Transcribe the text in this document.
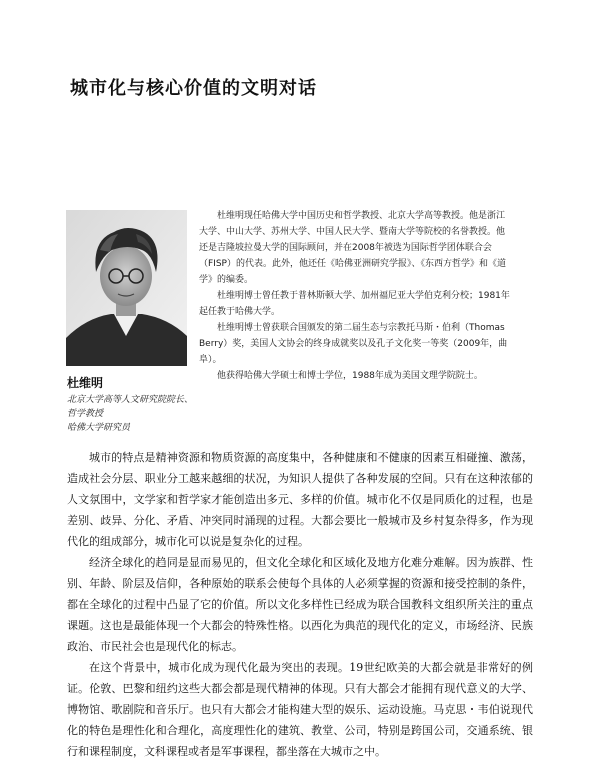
城市化与核心价值的文明对话

杜维明现任哈佛大学中国历史和哲学教授、北京大学高等教授。他是浙江大学、中山大学、苏州大学、中国人民大学、暨南大学等院校的名誉教授。他还是吉隆坡拉曼大学的国际顾问，并在2008年被选为国际哲学团体联合会（FISP）的代表。此外，他还任《哈佛亚洲研究学报》、《东西方哲学》和《道学》的编委。

杜维明博士曾任教于普林斯顿大学、加州福尼亚大学伯克利分校；1981年起任教于哈佛大学。

杜维明博士曾获联合国颁发的第二届生态与宗教托马斯・伯利（Thomas Berry）奖，美国人文协会的终身成就奖以及孔子文化奖一等奖（2009年，曲阜）。

他获得哈佛大学硕士和博士学位，1988年成为美国文理学院院士。

杜维明
北京大学高等人文研究院院长、
哲学教授
哈佛大学研究员

城市的特点是精神资源和物质资源的高度集中，各种健康和不健康的因素互相碰撞、激荡，造成社会分层、职业分工越来越细的状况，为知识人提供了各种发展的空间。只有在这种浓郁的人文氛围中，文学家和哲学家才能创造出多元、多样的价值。城市化不仅是同质化的过程，也是差别、歧异、分化、矛盾、冲突同时涌现的过程。大都会要比一般城市及乡村复杂得多，作为现代化的组成部分，城市化可以说是复杂化的过程。

经济全球化的趋同是显而易见的，但文化全球化和区域化及地方化难分难解。因为族群、性别、年龄、阶层及信仰，各种原始的联系会使每个具体的人必须掌握的资源和接受控制的条件，都在全球化的过程中凸显了它的价值。所以文化多样性已经成为联合国教科文组织所关注的重点课题。这也是最能体现一个大都会的特殊性格。以西化为典范的现代化的定义，市场经济、民族政治、市民社会也是现代化的标志。

在这个背景中，城市化成为现代化最为突出的表现。19世纪欧美的大都会就是非常好的例证。伦敦、巴黎和纽约这些大都会都是现代精神的体现。只有大都会才能拥有现代意义的大学、博物馆、歌剧院和音乐厅。也只有大都会才能构建大型的娱乐、运动设施。马克思・韦伯说现代化的特色是理性化和合理化，高度理性化的建筑、教堂、公司，特别是跨国公司，交通系统、银行和课程制度，文科课程或者是军事课程，都坐落在大城市之中。
